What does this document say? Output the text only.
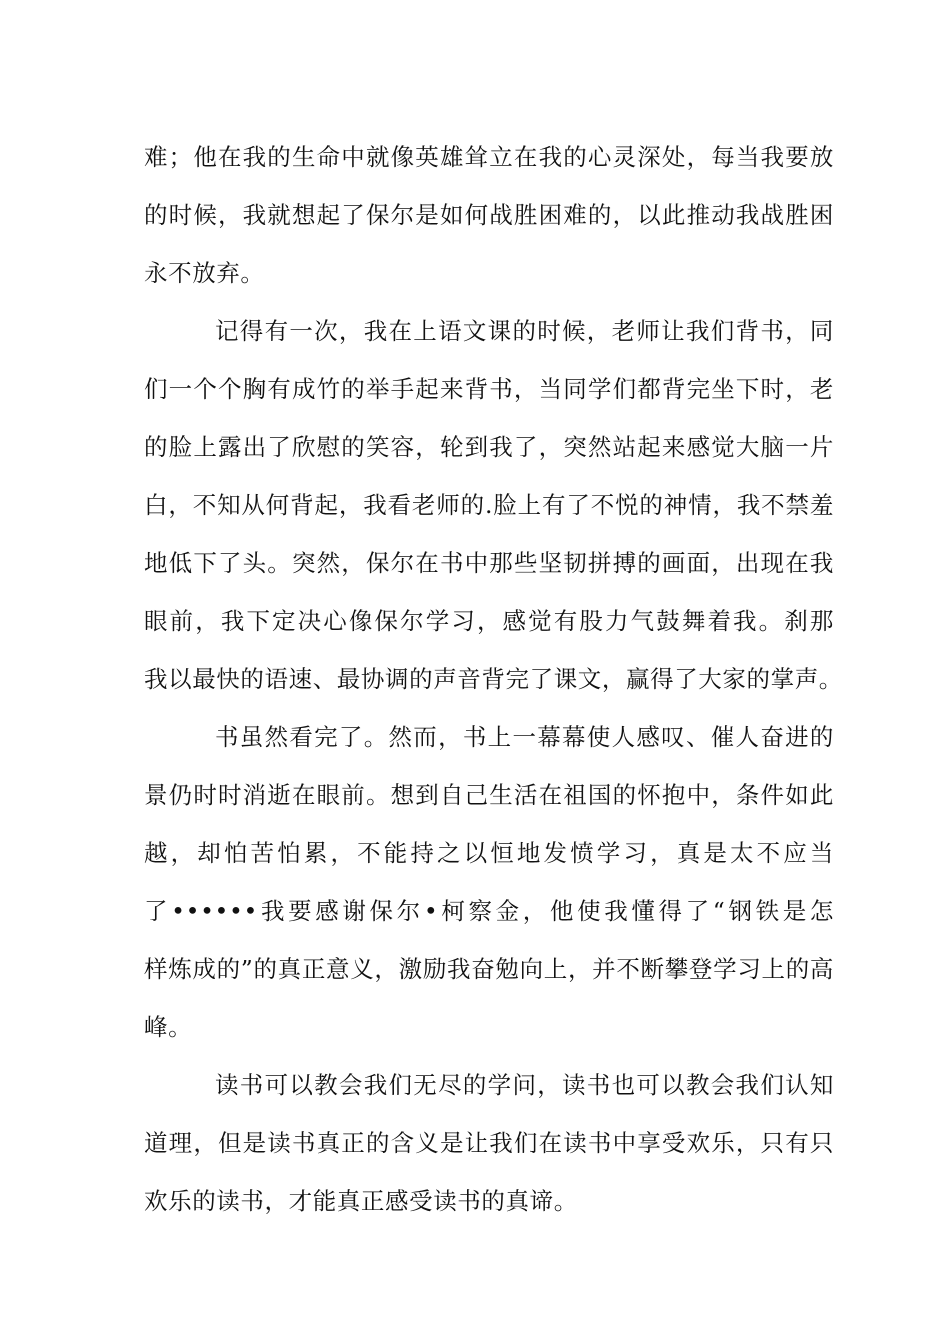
难；他在我的生命中就像英雄耸立在我的心灵深处，每当我要放
的时候，我就想起了保尔是如何战胜困难的，以此推动我战胜困
永不放弃。
记得有一次，我在上语文课的时候，老师让我们背书，同
们一个个胸有成竹的举手起来背书，当同学们都背完坐下时，老
的脸上露出了欣慰的笑容，轮到我了，突然站起来感觉大脑一片
白，不知从何背起，我看老师的.脸上有了不悦的神情，我不禁羞
地低下了头。突然，保尔在书中那些坚韧拼搏的画面，出现在我
眼前，我下定决心像保尔学习，感觉有股力气鼓舞着我。刹那
我以最快的语速、最协调的声音背完了课文，赢得了大家的掌声。
书虽然看完了。然而，书上一幕幕使人感叹、催人奋进的
景仍时时消逝在眼前。想到自己生活在祖国的怀抱中，条件如此
越，却怕苦怕累，不能持之以恒地发愤学习，真是太不应当
了••••••我要感谢保尔•柯察金，他使我懂得了“钢铁是怎
样炼成的”的真正意义，激励我奋勉向上，并不断攀登学习上的高
峰。
读书可以教会我们无尽的学问，读书也可以教会我们认知
道理，但是读书真正的含义是让我们在读书中享受欢乐，只有只
欢乐的读书，才能真正感受读书的真谛。
